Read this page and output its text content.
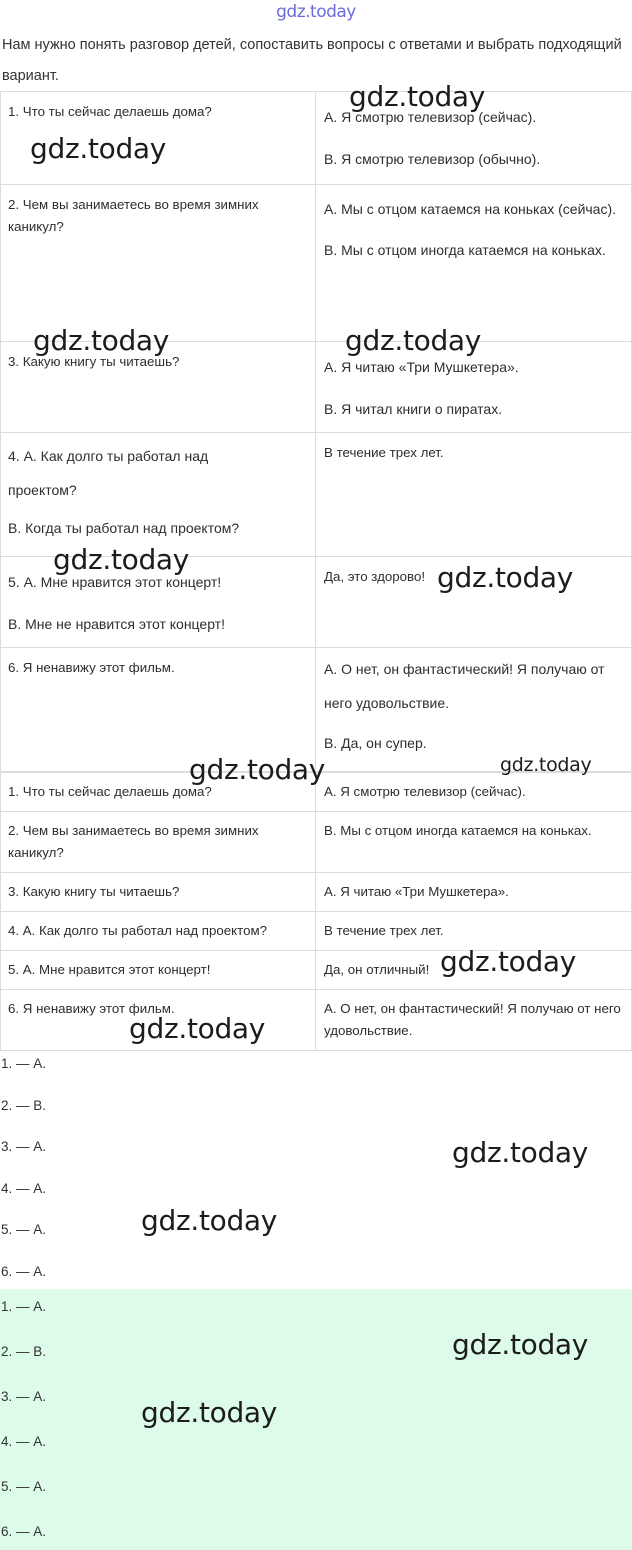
gdz.today
Нам нужно понять разговор детей, сопоставить вопросы с ответами и выбрать подходящий вариант.
1. Что ты сейчас делаешь дома?	А. Я смотрю телевизор (сейчас).

В. Я смотрю телевизор (обычно).

2. Чем вы занимаетесь во время зимних каникул?	А. Мы с отцом катаемся на коньках (сейчас).

В. Мы с отцом иногда катаемся на коньках.

3. Какую книгу ты читаешь?	А. Я читаю «Три Мушкетера».

В. Я читал книги о пиратах.

4. А. Как долго ты работал над проектом?

В. Когда ты работал над проектом?	В течение трех лет.

5. А. Мне нравится этот концерт!

В. Мне не нравится этот концерт!	Да, это здорово!

6. Я ненавижу этот фильм.	А. О нет, он фантастический! Я получаю от него удовольствие.

В. Да, он супер.

1. Что ты сейчас делаешь дома?	А. Я смотрю телевизор (сейчас).
2. Чем вы занимаетесь во время зимних каникул?	В. Мы с отцом иногда катаемся на коньках.
3. Какую книгу ты читаешь?	А. Я читаю «Три Мушкетера».
4. А. Как долго ты работал над проектом?	В течение трех лет.
5. А. Мне нравится этот концерт!	Да, он отличный!
6. Я ненавижу этот фильм.	А. О нет, он фантастический! Я получаю от него удовольствие.
1. — А.
2. — В.
3. — А.
4. — А.
5. — А.
6. — А.
1. — А.
2. — В.
3. — А.
4. — А.
5. — А.
6. — А.
gdz.today
gdz.today
gdz.today	gdz.today
gdz.today
gdz.today
gdz.today	gdz.today
gdz.today
gdz.today
gdz.today
gdz.today
gdz.today
gdz.today
